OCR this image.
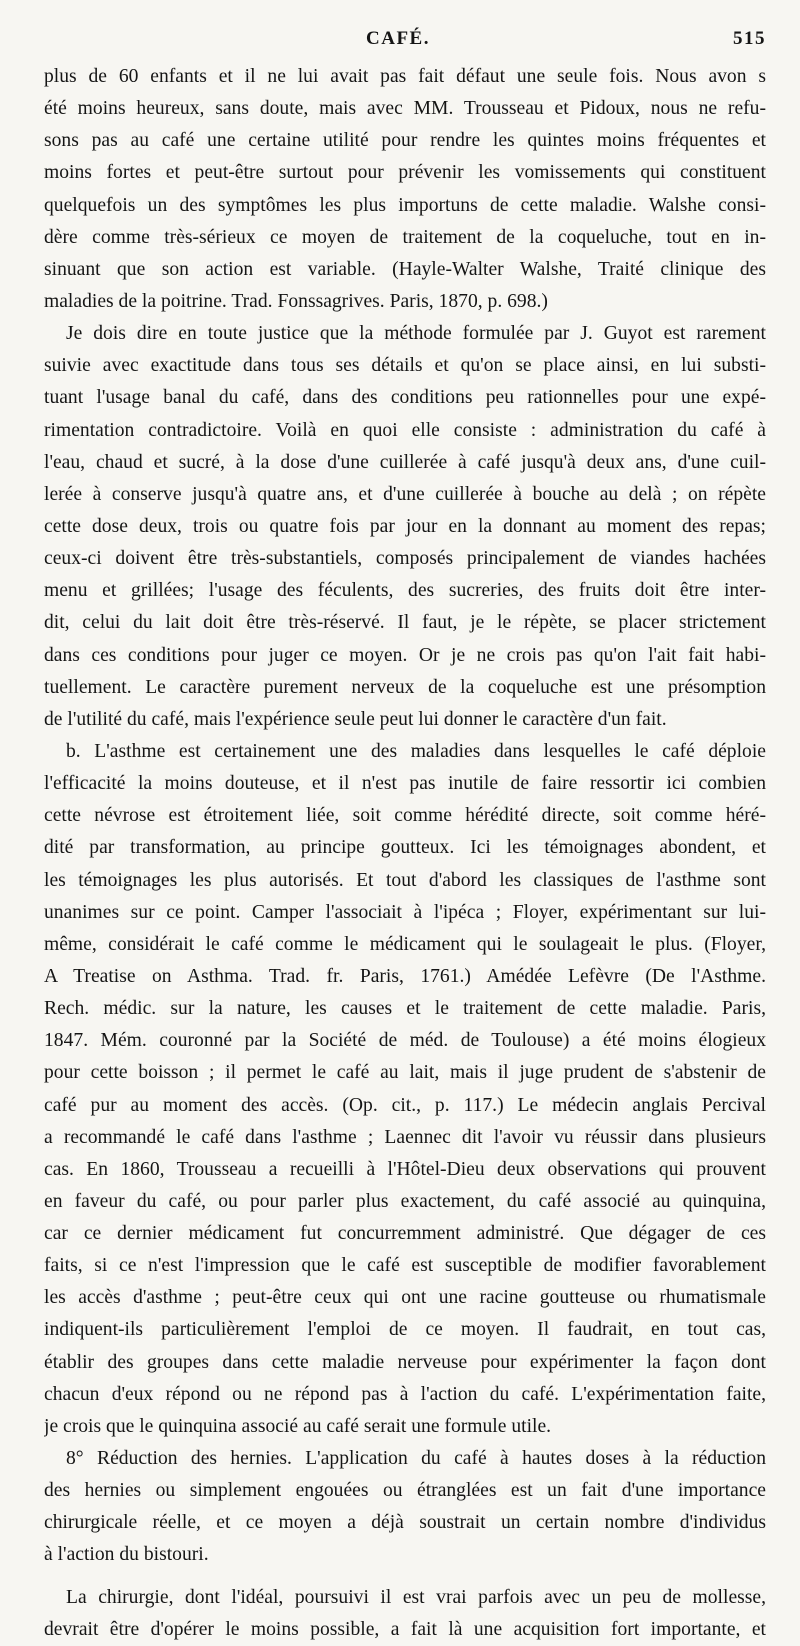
CAFÉ.	515
plus de 60 enfants et il ne lui avait pas fait défaut une seule fois. Nous avon s
été moins heureux, sans doute, mais avec MM. Trousseau et Pidoux, nous ne refu-
sons pas au café une certaine utilité pour rendre les quintes moins fréquentes et
moins fortes et peut-être surtout pour prévenir les vomissements qui constituent
quelquefois un des symptômes les plus importuns de cette maladie. Walshe consi-
dère comme très-sérieux ce moyen de traitement de la coqueluche, tout en in-
sinuant que son action est variable. (Hayle-Walter Walshe, Traité clinique des
maladies de la poitrine. Trad. Fonssagrives. Paris, 1870, p. 698.)
Je dois dire en toute justice que la méthode formulée par J. Guyot est rarement
suivie avec exactitude dans tous ses détails et qu'on se place ainsi, en lui substi-
tuant l'usage banal du café, dans des conditions peu rationnelles pour une expé-
rimentation contradictoire. Voilà en quoi elle consiste : administration du café à
l'eau, chaud et sucré, à la dose d'une cuillerée à café jusqu'à deux ans, d'une cuil-
lerée à conserve jusqu'à quatre ans, et d'une cuillerée à bouche au delà ; on répète
cette dose deux, trois ou quatre fois par jour en la donnant au moment des repas;
ceux-ci doivent être très-substantiels, composés principalement de viandes hachées
menu et grillées; l'usage des féculents, des sucreries, des fruits doit être inter-
dit, celui du lait doit être très-réservé. Il faut, je le répète, se placer strictement
dans ces conditions pour juger ce moyen. Or je ne crois pas qu'on l'ait fait habi-
tuellement. Le caractère purement nerveux de la coqueluche est une présomption
de l'utilité du café, mais l'expérience seule peut lui donner le caractère d'un fait.
b. L'asthme est certainement une des maladies dans lesquelles le café déploie
l'efficacité la moins douteuse, et il n'est pas inutile de faire ressortir ici combien
cette névrose est étroitement liée, soit comme hérédité directe, soit comme héré-
dité par transformation, au principe goutteux. Ici les témoignages abondent, et
les témoignages les plus autorisés. Et tout d'abord les classiques de l'asthme sont
unanimes sur ce point. Camper l'associait à l'ipéca ; Floyer, expérimentant sur lui-
même, considérait le café comme le médicament qui le soulageait le plus. (Floyer,
A Treatise on Asthma. Trad. fr. Paris, 1761.) Amédée Lefèvre (De l'Asthme.
Rech. médic. sur la nature, les causes et le traitement de cette maladie. Paris,
1847. Mém. couronné par la Société de méd. de Toulouse) a été moins élogieux
pour cette boisson ; il permet le café au lait, mais il juge prudent de s'abstenir de
café pur au moment des accès. (Op. cit., p. 117.) Le médecin anglais Percival
a recommandé le café dans l'asthme ; Laennec dit l'avoir vu réussir dans plusieurs
cas. En 1860, Trousseau a recueilli à l'Hôtel-Dieu deux observations qui prouvent
en faveur du café, ou pour parler plus exactement, du café associé au quinquina,
car ce dernier médicament fut concurremment administré. Que dégager de ces
faits, si ce n'est l'impression que le café est susceptible de modifier favorablement
les accès d'asthme ; peut-être ceux qui ont une racine goutteuse ou rhumatismale
indiquent-ils particulièrement l'emploi de ce moyen. Il faudrait, en tout cas,
établir des groupes dans cette maladie nerveuse pour expérimenter la façon dont
chacun d'eux répond ou ne répond pas à l'action du café. L'expérimentation faite,
je crois que le quinquina associé au café serait une formule utile.
8° Réduction des hernies. L'application du café à hautes doses à la réduction
des hernies ou simplement engouées ou étranglées est un fait d'une importance
chirurgicale réelle, et ce moyen a déjà soustrait un certain nombre d'individus
à l'action du bistouri.
La chirurgie, dont l'idéal, poursuivi il est vrai parfois avec un peu de mollesse,
devrait être d'opérer le moins possible, a fait là une acquisition fort importante, et
